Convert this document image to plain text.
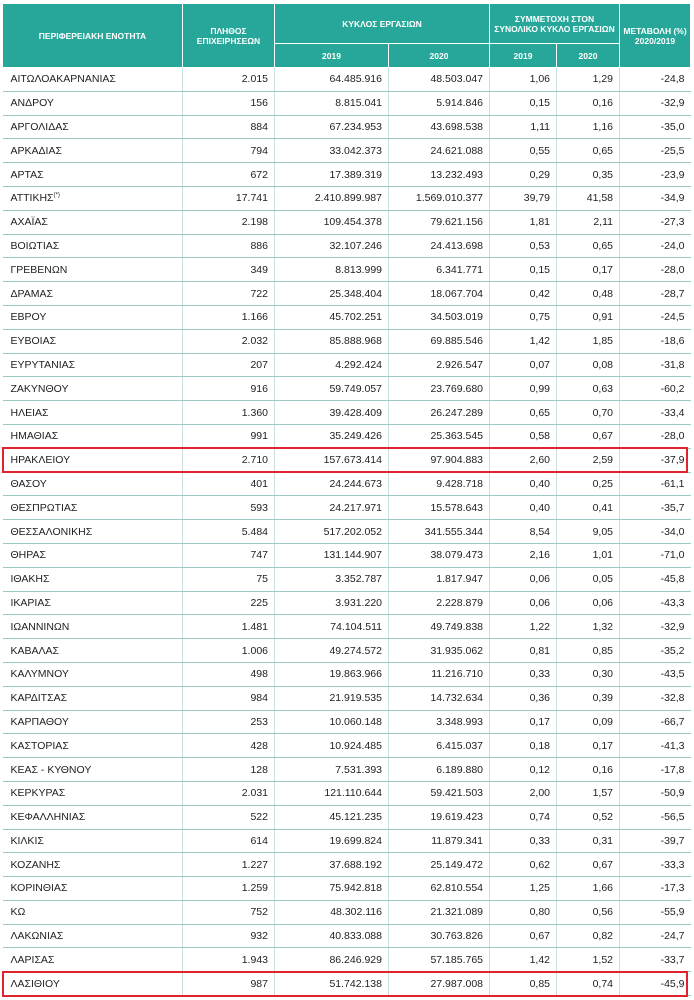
ΠΕΡΙΦΕΡΕΙΑΚΗ ΕΝΟΤΗΤΑ	ΠΛΗΘΟΣ ΕΠΙΧΕΙΡΗΣΕΩΝ	ΚΥΚΛΟΣ ΕΡΓΑΣΙΩΝ		ΣΥΜΜΕΤΟΧΗ ΣΤΟΝ ΣΥΝΟΛΙΚΟ ΚΥΚΛΟ ΕΡΓΑΣΙΩΝ		ΜΕΤΑΒΟΛΗ (%) 2020/2019
		2019	2020	2019	2020	
ΑΙΤΩΛΟΑΚΑΡΝΑΝΙΑΣ	2.015	64.485.916	48.503.047	1,06	1,29	-24,8
ΑΝΔΡΟΥ	156	8.815.041	5.914.846	0,15	0,16	-32,9
ΑΡΓΟΛΙΔΑΣ	884	67.234.953	43.698.538	1,11	1,16	-35,0
ΑΡΚΑΔΙΑΣ	794	33.042.373	24.621.088	0,55	0,65	-25,5
ΑΡΤΑΣ	672	17.389.319	13.232.493	0,29	0,35	-23,9
ΑΤΤΙΚΗΣ(*)	17.741	2.410.899.987	1.569.010.377	39,79	41,58	-34,9
ΑΧΑΪΑΣ	2.198	109.454.378	79.621.156	1,81	2,11	-27,3
ΒΟΙΩΤΙΑΣ	886	32.107.246	24.413.698	0,53	0,65	-24,0
ΓΡΕΒΕΝΩΝ	349	8.813.999	6.341.771	0,15	0,17	-28,0
ΔΡΑΜΑΣ	722	25.348.404	18.067.704	0,42	0,48	-28,7
ΕΒΡΟΥ	1.166	45.702.251	34.503.019	0,75	0,91	-24,5
ΕΥΒΟΙΑΣ	2.032	85.888.968	69.885.546	1,42	1,85	-18,6
ΕΥΡΥΤΑΝΙΑΣ	207	4.292.424	2.926.547	0,07	0,08	-31,8
ΖΑΚΥΝΘΟΥ	916	59.749.057	23.769.680	0,99	0,63	-60,2
ΗΛΕΙΑΣ	1.360	39.428.409	26.247.289	0,65	0,70	-33,4
ΗΜΑΘΙΑΣ	991	35.249.426	25.363.545	0,58	0,67	-28,0
ΗΡΑΚΛΕΙΟΥ	2.710	157.673.414	97.904.883	2,60	2,59	-37,9
ΘΑΣΟΥ	401	24.244.673	9.428.718	0,40	0,25	-61,1
ΘΕΣΠΡΩΤΙΑΣ	593	24.217.971	15.578.643	0,40	0,41	-35,7
ΘΕΣΣΑΛΟΝΙΚΗΣ	5.484	517.202.052	341.555.344	8,54	9,05	-34,0
ΘΗΡΑΣ	747	131.144.907	38.079.473	2,16	1,01	-71,0
ΙΘΑΚΗΣ	75	3.352.787	1.817.947	0,06	0,05	-45,8
ΙΚΑΡΙΑΣ	225	3.931.220	2.228.879	0,06	0,06	-43,3
ΙΩΑΝΝΙΝΩΝ	1.481	74.104.511	49.749.838	1,22	1,32	-32,9
ΚΑΒΑΛΑΣ	1.006	49.274.572	31.935.062	0,81	0,85	-35,2
ΚΑΛΥΜΝΟΥ	498	19.863.966	11.216.710	0,33	0,30	-43,5
ΚΑΡΔΙΤΣΑΣ	984	21.919.535	14.732.634	0,36	0,39	-32,8
ΚΑΡΠΑΘΟΥ	253	10.060.148	3.348.993	0,17	0,09	-66,7
ΚΑΣΤΟΡΙΑΣ	428	10.924.485	6.415.037	0,18	0,17	-41,3
ΚΕΑΣ - ΚΥΘΝΟΥ	128	7.531.393	6.189.880	0,12	0,16	-17,8
ΚΕΡΚΥΡΑΣ	2.031	121.110.644	59.421.503	2,00	1,57	-50,9
ΚΕΦΑΛΛΗΝΙΑΣ	522	45.121.235	19.619.423	0,74	0,52	-56,5
ΚΙΛΚΙΣ	614	19.699.824	11.879.341	0,33	0,31	-39,7
ΚΟΖΑΝΗΣ	1.227	37.688.192	25.149.472	0,62	0,67	-33,3
ΚΟΡΙΝΘΙΑΣ	1.259	75.942.818	62.810.554	1,25	1,66	-17,3
ΚΩ	752	48.302.116	21.321.089	0,80	0,56	-55,9
ΛΑΚΩΝΙΑΣ	932	40.833.088	30.763.826	0,67	0,82	-24,7
ΛΑΡΙΣΑΣ	1.943	86.246.929	57.185.765	1,42	1,52	-33,7
ΛΑΣΙΘΙΟΥ	987	51.742.138	27.987.008	0,85	0,74	-45,9
